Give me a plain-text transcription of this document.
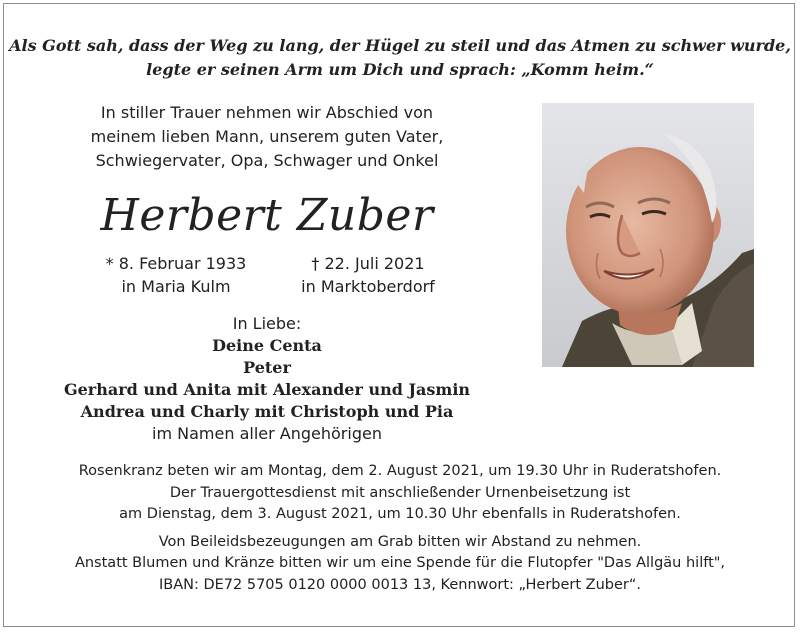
Als Gott sah, dass der Weg zu lang, der Hügel zu steil und das Atmen zu schwer wurde,
legte er seinen Arm um Dich und sprach: „Komm heim.“
In stiller Trauer nehmen wir Abschied von
meinem lieben Mann, unserem guten Vater,
Schwiegervater, Opa, Schwager und Onkel
Herbert Zuber
* 8. Februar 1933
in Maria Kulm
† 22. Juli 2021
in Marktoberdorf
In Liebe:
Deine Centa
Peter
Gerhard und Anita mit Alexander und Jasmin
Andrea und Charly mit Christoph und Pia
im Namen aller Angehörigen
Rosenkranz beten wir am Montag, dem 2. August 2021, um 19.30 Uhr in Ruderatshofen.
Der Trauergottesdienst mit anschließender Urnenbeisetzung ist
am Dienstag, dem 3. August 2021, um 10.30 Uhr ebenfalls in Ruderatshofen.
Von Beileidsbezeugungen am Grab bitten wir Abstand zu nehmen.
Anstatt Blumen und Kränze bitten wir um eine Spende für die Flutopfer "Das Allgäu hilft",
IBAN: DE72 5705 0120 0000 0013 13, Kennwort: „Herbert Zuber“.
